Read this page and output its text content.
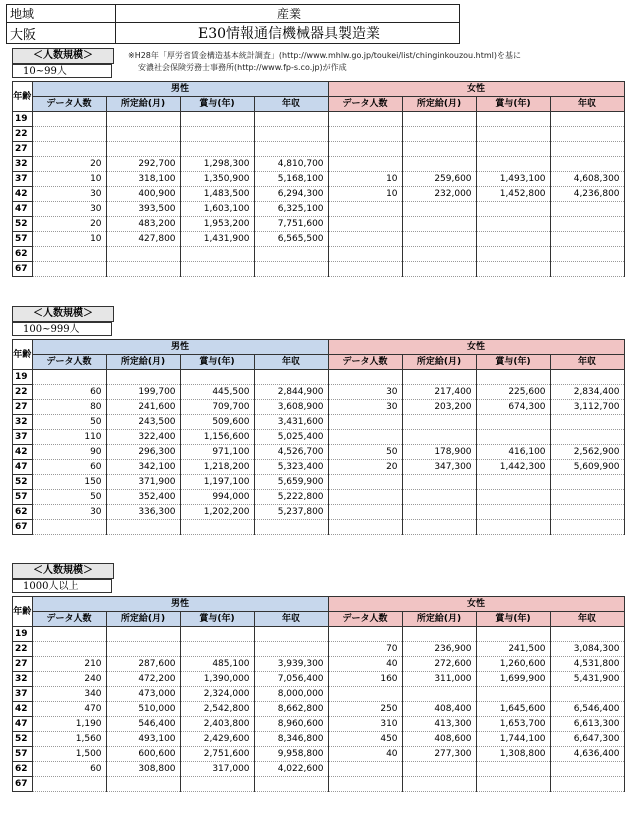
地域	産業
大阪	E30情報通信機械器具製造業
※H28年「厚労省賃金構造基本統計調査」(http://www.mhlw.go.jp/toukei/list/chinginkouzou.html)を基に
安濃社会保険労務士事務所(http://www.fp-s.co.jp)が作成
＜人数規模＞
10~99人
年齢	男性				女性			
	データ人数	所定給(月)	賞与(年)	年収	データ人数	所定給(月)	賞与(年)	年収
19								
22								
27								
32	20	292,700	1,298,300	4,810,700				
37	10	318,100	1,350,900	5,168,100	10	259,600	1,493,100	4,608,300
42	30	400,900	1,483,500	6,294,300	10	232,000	1,452,800	4,236,800
47	30	393,500	1,603,100	6,325,100				
52	20	483,200	1,953,200	7,751,600				
57	10	427,800	1,431,900	6,565,500				
62								
67								
＜人数規模＞
100~999人
年齢	男性				女性			
	データ人数	所定給(月)	賞与(年)	年収	データ人数	所定給(月)	賞与(年)	年収
19								
22	60	199,700	445,500	2,844,900	30	217,400	225,600	2,834,400
27	80	241,600	709,700	3,608,900	30	203,200	674,300	3,112,700
32	50	243,500	509,600	3,431,600				
37	110	322,400	1,156,600	5,025,400				
42	90	296,300	971,100	4,526,700	50	178,900	416,100	2,562,900
47	60	342,100	1,218,200	5,323,400	20	347,300	1,442,300	5,609,900
52	150	371,900	1,197,100	5,659,900				
57	50	352,400	994,000	5,222,800				
62	30	336,300	1,202,200	5,237,800				
67								
＜人数規模＞
1000人以上
年齢	男性				女性			
	データ人数	所定給(月)	賞与(年)	年収	データ人数	所定給(月)	賞与(年)	年収
19								
22					70	236,900	241,500	3,084,300
27	210	287,600	485,100	3,939,300	40	272,600	1,260,600	4,531,800
32	240	472,200	1,390,000	7,056,400	160	311,000	1,699,900	5,431,900
37	340	473,000	2,324,000	8,000,000				
42	470	510,000	2,542,800	8,662,800	250	408,400	1,645,600	6,546,400
47	1,190	546,400	2,403,800	8,960,600	310	413,300	1,653,700	6,613,300
52	1,560	493,100	2,429,600	8,346,800	450	408,600	1,744,100	6,647,300
57	1,500	600,600	2,751,600	9,958,800	40	277,300	1,308,800	4,636,400
62	60	308,800	317,000	4,022,600				
67								
